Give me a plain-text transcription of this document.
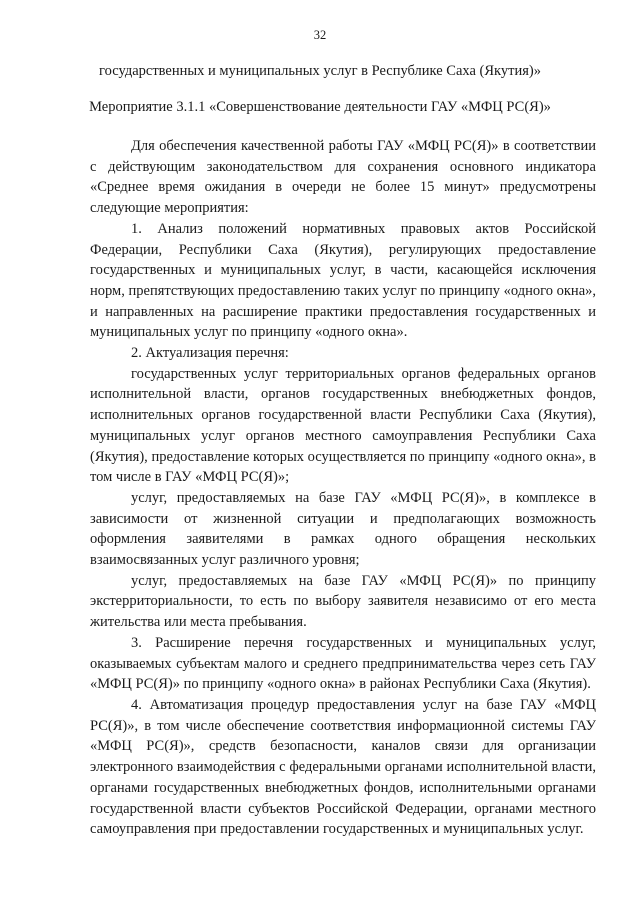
32
государственных и муниципальных услуг в Республике Саха (Якутия)»
Мероприятие 3.1.1 «Совершенствование деятельности ГАУ «МФЦ РС(Я)»

Для обеспечения качественной работы ГАУ «МФЦ РС(Я)» в соответствии с действующим законодательством для сохранения основного индикатора «Среднее время ожидания в очереди не более 15 минут» предусмотрены следующие мероприятия:

1. Анализ положений нормативных правовых актов Российской Федерации, Республики Саха (Якутия), регулирующих предоставление государственных и муниципальных услуг, в части, касающейся исключения норм, препятствующих предоставлению таких услуг по принципу «одного окна», и направленных на расширение практики предоставления государственных и муниципальных услуг по принципу «одного окна».

2. Актуализация перечня:

государственных услуг территориальных органов федеральных органов исполнительной власти, органов государственных внебюджетных фондов, исполнительных органов государственной власти Республики Саха (Якутия), муниципальных услуг органов местного самоуправления Республики Саха (Якутия), предоставление которых осуществляется по принципу «одного окна», в том числе в ГАУ «МФЦ РС(Я)»;

услуг, предоставляемых на базе ГАУ «МФЦ РС(Я)», в комплексе в зависимости от жизненной ситуации и предполагающих возможность оформления заявителями в рамках одного обращения нескольких взаимосвязанных услуг различного уровня;

услуг, предоставляемых на базе ГАУ «МФЦ РС(Я)» по принципу экстерриториальности, то есть по выбору заявителя независимо от его места жительства или места пребывания.

3. Расширение перечня государственных и муниципальных услуг, оказываемых субъектам малого и среднего предпринимательства через сеть ГАУ «МФЦ РС(Я)» по принципу «одного окна» в районах Республики Саха (Якутия).

4. Автоматизация процедур предоставления услуг на базе ГАУ «МФЦ РС(Я)», в том числе обеспечение соответствия информационной системы ГАУ «МФЦ РС(Я)», средств безопасности, каналов связи для организации электронного взаимодействия с федеральными органами исполнительной власти, органами государственных внебюджетных фондов, исполнительными органами государственной власти субъектов Российской Федерации, органами местного самоуправления при предоставлении государственных и муниципальных услуг.
